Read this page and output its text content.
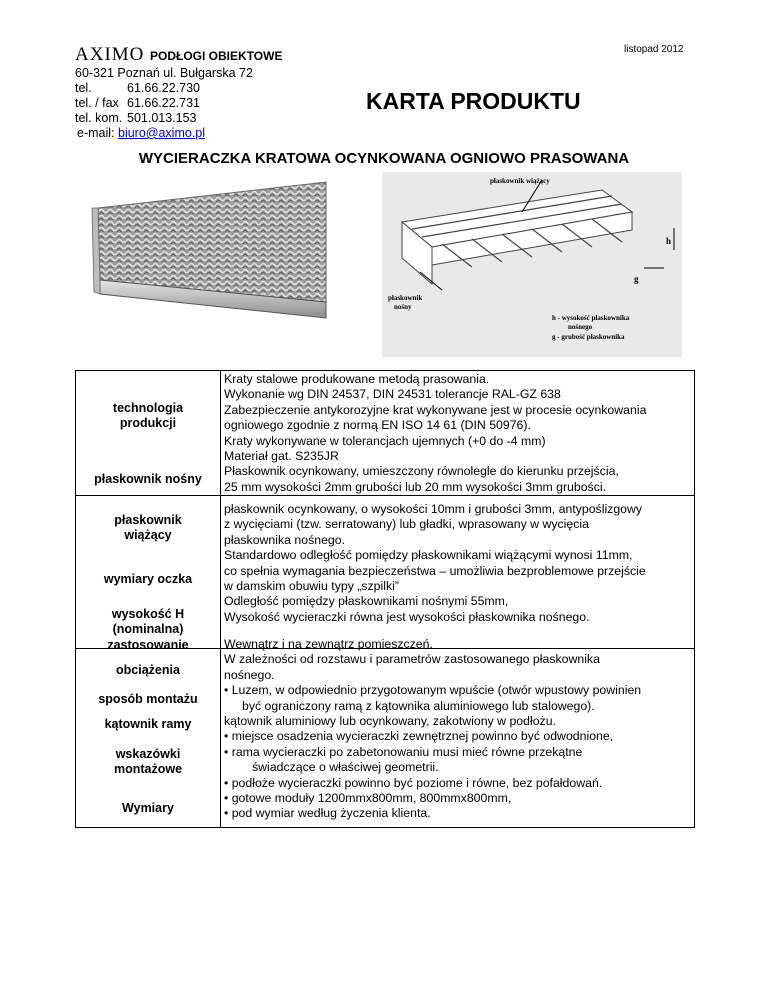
AXIMO PODŁOGI OBIEKTOWE
60-321 Poznań ul. Bułgarska 72
tel.	61.66.22.730
tel. / fax 61.66.22.731
tel. kom. 501.013.153
e-mail: biuro@aximo.pl
listopad 2012
KARTA PRODUKTU
WYCIERACZKA KRATOWA OCYNKOWANA OGNIOWO PRASOWANA
płaskownik wiążący
h
g
płaskownik
nośny
h - wysokość płaskownika
nośnego
g - grubość płaskownika
technologia
produkcji
płaskownik nośny
płaskownik
wiążący
wymiary oczka
wysokość H
(nominalna)
zastosowanie
obciążenia
sposób montażu
kątownik ramy
wskazówki
montażowe
Wymiary
Kraty stalowe produkowane metodą prasowania.
Wykonanie wg DIN 24537, DIN 24531 tolerancje RAL-GZ 638
Zabezpieczenie antykorozyjne krat wykonywane jest w procesie ocynkowania
ogniowego zgodnie z normą EN ISO 14 61 (DIN 50976).
Kraty wykonywane w tolerancjach ujemnych (+0 do -4 mm)
Materiał gat. S235JR
Płaskownik ocynkowany, umieszczony równolegle do kierunku przejścia,
25 mm wysokości 2mm grubości lub 20 mm wysokości 3mm grubości.
płaskownik ocynkowany, o wysokości 10mm i grubości 3mm, antypoślizgowy
z wycięciami (tzw. serratowany) lub gładki, wprasowany w wycięcia
płaskownika nośnego.
Standardowo odległość pomiędzy płaskownikami wiążącymi wynosi 11mm,
co spełnia wymagania bezpieczeństwa – umożliwia bezproblemowe przejście
w damskim obuwiu typy „szpilki”
Odległość pomiędzy płaskownikami nośnymi 55mm,
Wysokość wycieraczki równa jest wysokości płaskownika nośnego.
Wewnątrz i na zewnątrz pomieszczeń.
W zależności od rozstawu i parametrów zastosowanego płaskownika
nośnego.
• Luzem, w odpowiednio przygotowanym wpuście (otwór wpustowy powinien
być ograniczony ramą z kątownika aluminiowego lub stalowego).
kątownik aluminiowy lub ocynkowany, zakotwiony w podłożu.
• miejsce osadzenia wycieraczki zewnętrznej powinno być odwodnione,
• rama wycieraczki po zabetonowaniu musi mieć równe przekątne
świadczące o właściwej geometrii.
• podłoże wycieraczki powinno być poziome i równe, bez pofałdowań.
• gotowe moduły 1200mmx800mm, 800mmx800mm,
• pod wymiar według życzenia klienta.
